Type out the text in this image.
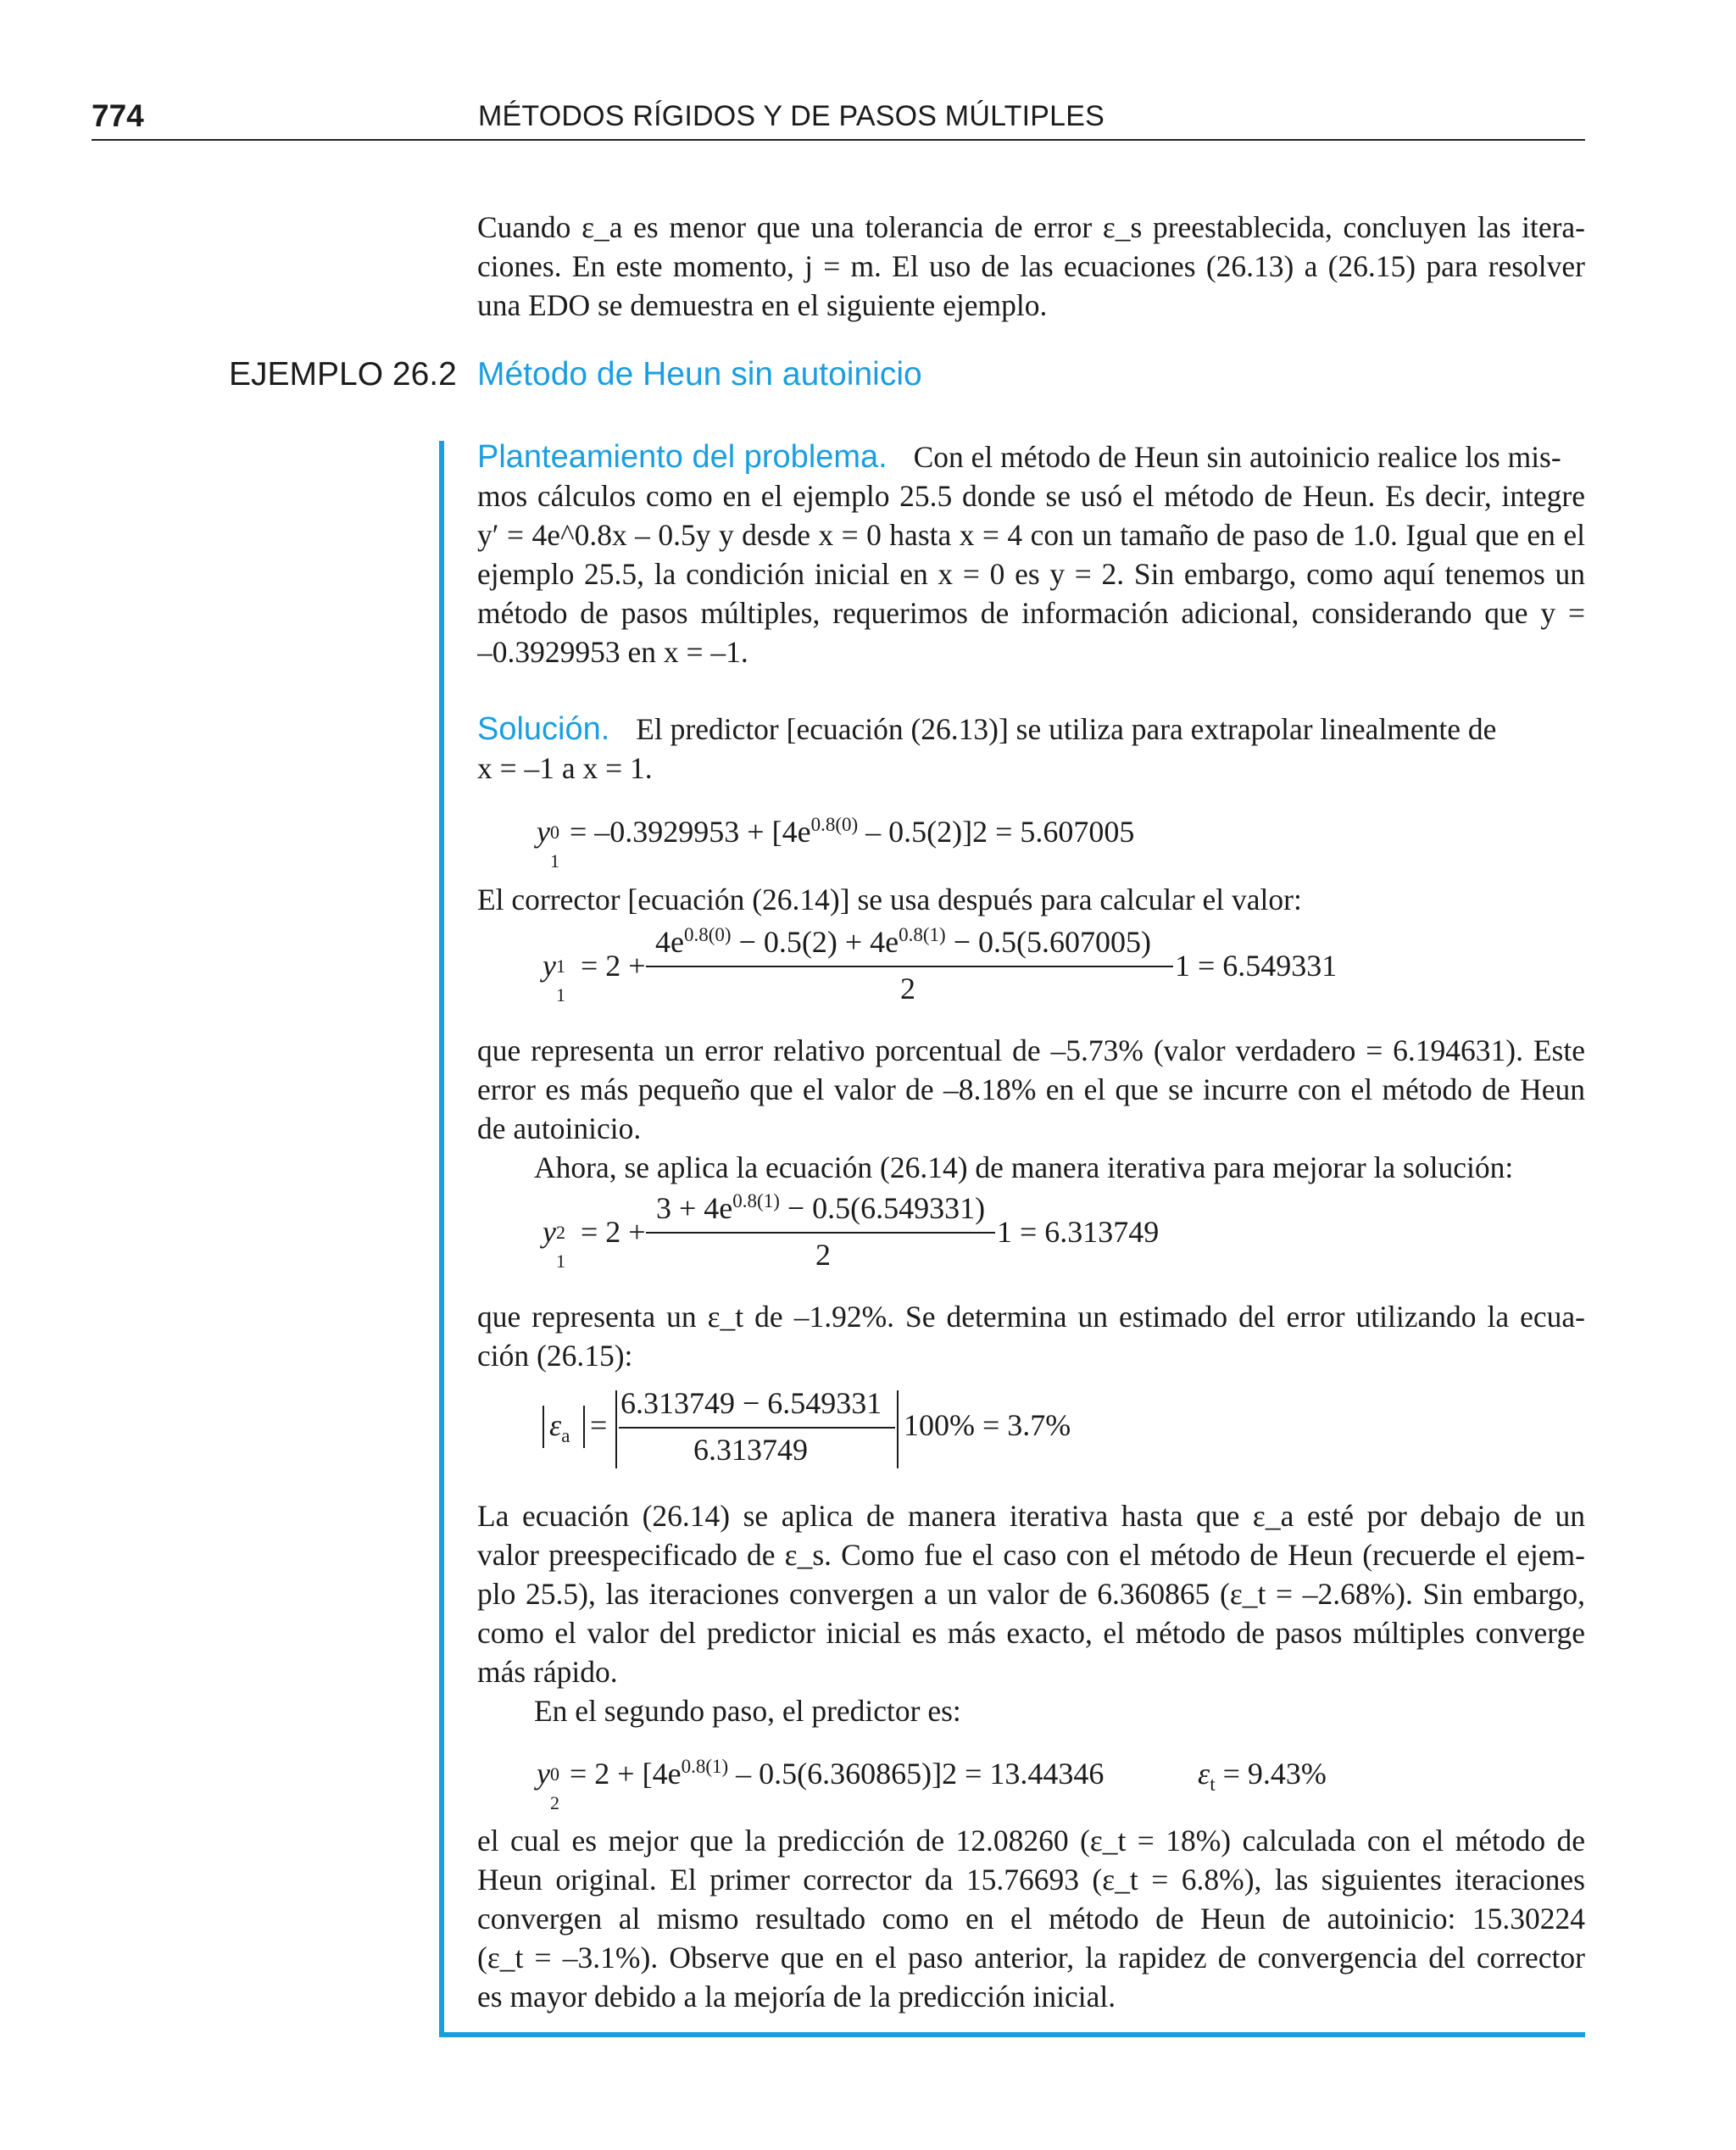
774	MÉTODOS RÍGIDOS Y DE PASOS MÚLTIPLES
Cuando ε_a es menor que una tolerancia de error ε_s preestablecida, concluyen las itera-
ciones. En este momento, j = m. El uso de las ecuaciones (26.13) a (26.15) para resolver
una EDO se demuestra en el siguiente ejemplo.
EJEMPLO 26.2 Método de Heun sin autoinicio
Planteamiento del problema. Con el método de Heun sin autoinicio realice los mis-
mos cálculos como en el ejemplo 25.5 donde se usó el método de Heun. Es decir, integre
y′ = 4e^0.8x – 0.5y y desde x = 0 hasta x = 4 con un tamaño de paso de 1.0. Igual que en el
ejemplo 25.5, la condición inicial en x = 0 es y = 2. Sin embargo, como aquí tenemos un
método de pasos múltiples, requerimos de información adicional, considerando que y =
–0.3929953 en x = –1.
Solución. El predictor [ecuación (26.13)] se utiliza para extrapolar linealmente de
x = –1 a x = 1.
y 0
1
= $-0.3929953 + [4e^{0.8(0)} - 0.5(2)]2 = 5.607005$
El corrector [ecuación (26.14)] se usa después para calcular el valor:
y 1
1
= 2 +
$4e^{0.8(0)} - 0.5(2) + 4e^{0.8(1)} - 0.5(5.607005)$
2
1 = 6.549331
que representa un error relativo porcentual de –5.73% (valor verdadero = 6.194631). Este
error es más pequeño que el valor de –8.18% en el que se incurre con el método de Heun
de autoinicio.
Ahora, se aplica la ecuación (26.14) de manera iterativa para mejorar la solución:
y 2
1
= 2 +
$3 + 4e^{0.8(1)} - 0.5(6.549331)$
2
1 = 6.313749
que representa un ε_t de –1.92%. Se determina un estimado del error utilizando la ecua-
ción (26.15):
$\varepsilon_a$ =
6.313749 − 6.549331
6.313749
100% = 3.7%
La ecuación (26.14) se aplica de manera iterativa hasta que ε_a esté por debajo de un
valor preespecificado de ε_s. Como fue el caso con el método de Heun (recuerde el ejem-
plo 25.5), las iteraciones convergen a un valor de 6.360865 (ε_t = –2.68%). Sin embargo,
como el valor del predictor inicial es más exacto, el método de pasos múltiples converge
más rápido.
En el segundo paso, el predictor es:
y 0
2
= $2 + [4e^{0.8(1)} - 0.5(6.360865)]2 = 13.44346$	$\varepsilon_t = 9.43\%$
el cual es mejor que la predicción de 12.08260 (ε_t = 18%) calculada con el método de
Heun original. El primer corrector da 15.76693 (ε_t = 6.8%), las siguientes iteraciones
convergen al mismo resultado como en el método de Heun de autoinicio: 15.30224
(ε_t = –3.1%). Observe que en el paso anterior, la rapidez de convergencia del corrector
es mayor debido a la mejoría de la predicción inicial.
